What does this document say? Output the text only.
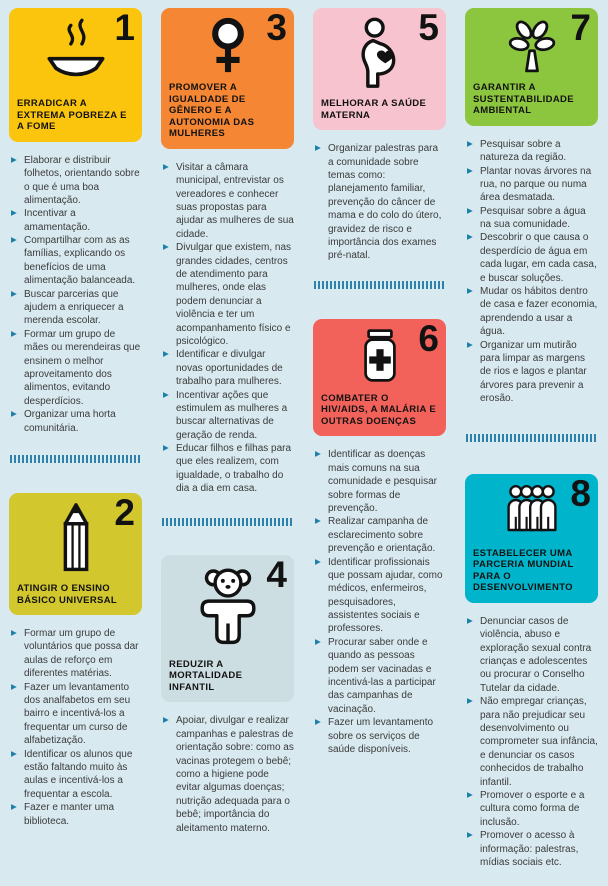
1
ERRADICAR A EXTREMA POBREZA E A FOME
▶ Elaborar e distribuir folhetos, orientando sobre o que é uma boa alimentação.
▶ Incentivar a amamentação.
▶ Compartilhar com as as famílias, explicando os benefícios de uma alimentação balanceada.
▶ Buscar parcerias que ajudem a enriquecer a merenda escolar.
▶ Formar um grupo de mães ou merendeiras que ensinem o melhor aproveitamento dos alimentos, evitando desperdícios.
▶ Organizar uma horta comunitária.
2
ATINGIR O ENSINO BÁSICO UNIVERSAL
▶ Formar um grupo de voluntários que possa dar aulas de reforço em diferentes matérias.
▶ Fazer um levantamento dos analfabetos em seu bairro e incentivá-los a frequentar um curso de alfabetização.
▶ Identificar os alunos que estão faltando muito às aulas e incentivá-los a frequentar a escola.
▶ Fazer e manter uma biblioteca.
3
PROMOVER A IGUALDADE DE GÊNERO E A AUTONOMIA DAS MULHERES
▶ Visitar a câmara municipal, entrevistar os vereadores e conhecer suas propostas para ajudar as mulheres de sua cidade.
▶ Divulgar que existem, nas grandes cidades, centros de atendimento para mulheres, onde elas podem denunciar a violência e ter um acompanhamento físico e psicológico.
▶ Identificar e divulgar novas oportunidades de trabalho para mulheres.
▶ Incentivar ações que estimulem as mulheres a buscar alternativas de geração de renda.
▶ Educar filhos e filhas para que eles realizem, com igualdade, o trabalho do dia a dia em casa.
4
REDUZIR A MORTALIDADE INFANTIL
▶ Apoiar, divulgar e realizar campanhas e palestras de orientação sobre: como as vacinas protegem o bebê; como a higiene pode evitar algumas doenças; nutrição adequada para o bebê; importância do aleitamento materno.
5
MELHORAR A SAÚDE MATERNA
▶ Organizar palestras para a comunidade sobre temas como: planejamento familiar, prevenção do câncer de mama e do colo do útero, gravidez de risco e importância dos exames pré-natal.
6
COMBATER O HIV/AIDS, A MALÁRIA E OUTRAS DOENÇAS
▶ Identificar as doenças mais comuns na sua comunidade e pesquisar sobre formas de prevenção.
▶ Realizar campanha de esclarecimento sobre prevenção e orientação.
▶ Identificar profissionais que possam ajudar, como médicos, enfermeiros, pesquisadores, assistentes sociais e professores.
▶ Procurar saber onde e quando as pessoas podem ser vacinadas e incentivá-las a participar das campanhas de vacinação.
▶ Fazer um levantamento sobre os serviços de saúde disponíveis.
7
GARANTIR A SUSTENTABILIDADE AMBIENTAL
▶ Pesquisar sobre a natureza da região.
▶ Plantar novas árvores na rua, no parque ou numa área desmatada.
▶ Pesquisar sobre a água na sua comunidade.
▶ Descobrir o que causa o desperdício de água em cada lugar, em cada casa, e buscar soluções.
▶ Mudar os hábitos dentro de casa e fazer economia, aprendendo a usar a água.
▶ Organizar um mutirão para limpar as margens de rios e lagos e plantar árvores para prevenir a erosão.
8
ESTABELECER UMA PARCERIA MUNDIAL PARA O DESENVOLVIMENTO
▶ Denunciar casos de violência, abuso e exploração sexual contra crianças e adolescentes ou procurar o Conselho Tutelar da cidade.
▶ Não empregar crianças, para não prejudicar seu desenvolvimento ou comprometer sua infância, e denunciar os casos conhecidos de trabalho infantil.
▶ Promover o esporte e a cultura como forma de inclusão.
▶ Promover o acesso à informação: palestras, mídias sociais etc.
